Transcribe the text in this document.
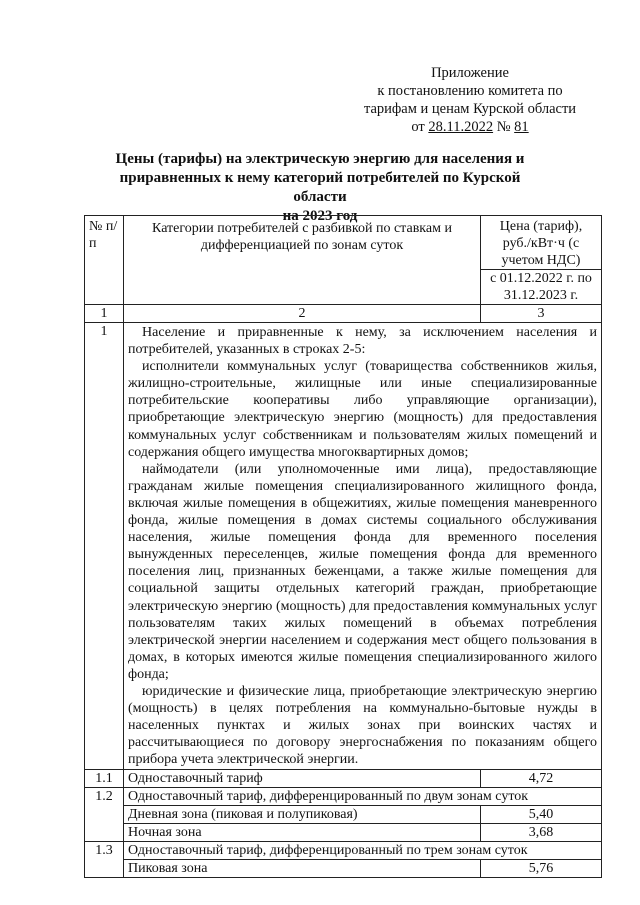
Приложение
к постановлению комитета по
тарифам и ценам Курской области
от 28.11.2022 № 81
Цены (тарифы) на электрическую энергию для населения и
приравненных к нему категорий потребителей по Курской области
на 2023 год
№ п/п	Категории потребителей с разбивкой по ставкам и дифференциацией по зонам суток	Цена (тариф), руб./кВт·ч (с учетом НДС)
		с 01.12.2022 г. по 31.12.2023 г.
1	2	3
1	Население и приравненные к нему, за исключением населения и потребителей, указанных в строках 2-5:

исполнители коммунальных услуг (товарищества собственников жилья, жилищно-строительные, жилищные или иные специализированные потребительские кооперативы либо управляющие организации), приобретающие электрическую энергию (мощность) для предоставления коммунальных услуг собственникам и пользователям жилых помещений и содержания общего имущества многоквартирных домов;

наймодатели (или уполномоченные ими лица), предоставляющие гражданам жилые помещения специализированного жилищного фонда, включая жилые помещения в общежитиях, жилые помещения маневренного фонда, жилые помещения в домах системы социального обслуживания населения, жилые помещения фонда для временного поселения вынужденных переселенцев, жилые помещения фонда для временного поселения лиц, признанных беженцами, а также жилые помещения для социальной защиты отдельных категорий граждан, приобретающие электрическую энергию (мощность) для предоставления коммунальных услуг пользователям таких жилых помещений в объемах потребления электрической энергии населением и содержания мест общего пользования в домах, в которых имеются жилые помещения специализированного жилого фонда;

юридические и физические лица, приобретающие электрическую энергию (мощность) в целях потребления на коммунально-бытовые нужды в населенных пунктах и жилых зонах при воинских частях и рассчитывающиеся по договору энергоснабжения по показаниям общего прибора учета электрической энергии.	

1.1	Одноставочный тариф	4,72
1.2	Одноставочный тариф, дифференцированный по двум зонам суток	
	Дневная зона (пиковая и полупиковая)	5,40
	Ночная зона	3,68
1.3	Одноставочный тариф, дифференцированный по трем зонам суток	
	Пиковая зона	5,76
